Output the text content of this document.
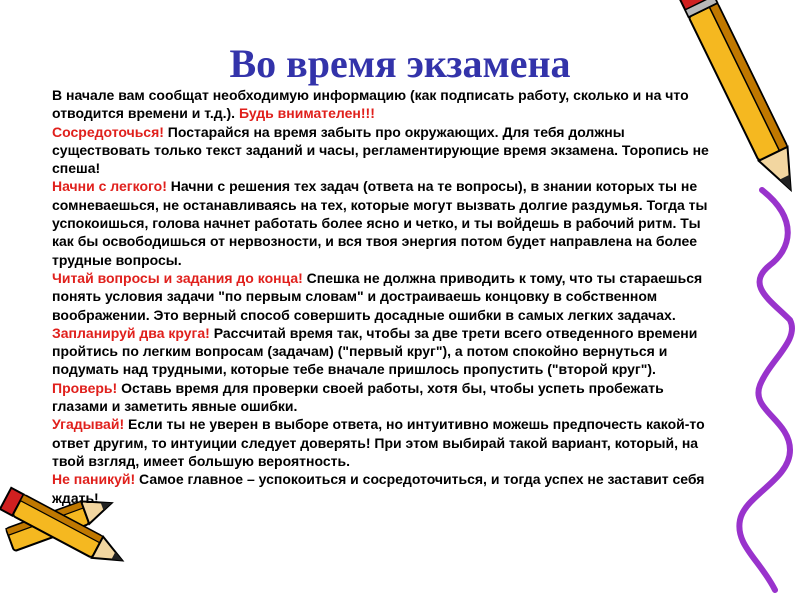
Во время экзамена

В начале вам сообщат необходимую информацию (как подписать работу, сколько и на что отводится времени и т.д.). Будь внимателен!!!

Сосредоточься! Постарайся на время забыть про окружающих. Для тебя должны существовать только текст заданий и часы, регламентирующие время экзамена. Торопись не спеша!

Начни с легкого! Начни с решения тех задач (ответа на те вопросы), в знании которых ты не сомневаешься, не останавливаясь на тех, которые могут вызвать долгие раздумья. Тогда ты успокоишься, голова начнет работать более ясно и четко, и ты войдешь в рабочий ритм. Ты как бы освободишься от нервозности, и вся твоя энергия потом будет направлена на более трудные вопросы.

Читай вопросы и задания до конца! Спешка не должна приводить к тому, что ты стараешься понять условия задачи "по первым словам" и достраиваешь концовку в собственном воображении. Это верный способ совершить досадные ошибки в самых легких задачах.

Запланируй два круга! Рассчитай время так, чтобы за две трети всего отведенного времени пройтись по легким вопросам (задачам) ("первый круг"), а потом спокойно вернуться и подумать над трудными, которые тебе вначале пришлось пропустить ("второй круг").

Проверь! Оставь время для проверки своей работы, хотя бы, чтобы успеть пробежать глазами и заметить явные ошибки.

Угадывай! Если ты не уверен в выборе ответа, но интуитивно можешь предпочесть какой-то ответ другим, то интуиции следует доверять! При этом выбирай такой вариант, который, на твой взгляд, имеет большую вероятность.

Не паникуй! Самое главное – успокоиться и сосредоточиться, и тогда успех не заставит себя ждать!
